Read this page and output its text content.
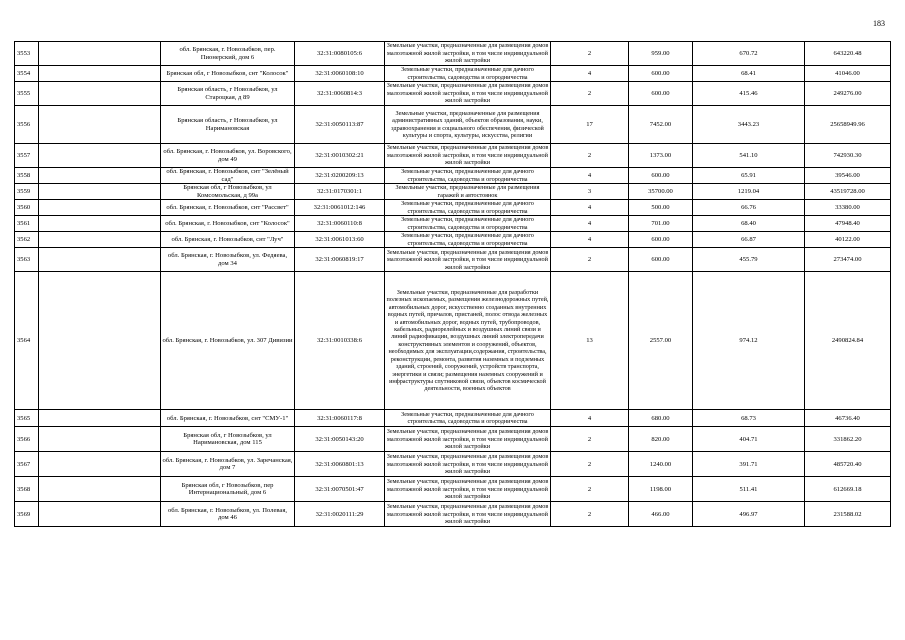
183
3553		обл. Брянская, г. Новозыбков, пер. Пионерский, дом 6	32:31:0080105:6	Земельные участки, предназначенные для размещения домов малоэтажной жилой застройки, в том числе индивидуальной жилой застройки	2	959.00	670.72	643220.48
3554		Брянская обл, г Новозыбков, снт "Колосок"	32:31:0060108:10	Земельные участки, предназначенные для дачного строительства, садоводства и огородничества	4	600.00	68.41	41046.00
3555		Брянская область, г Новозыбков, ул Староцкая, д 89	32:31:0060814:3	Земельные участки, предназначенные для размещения домов малоэтажной жилой застройки, в том числе индивидуальной жилой застройки	2	600.00	415.46	249276.00
3556		Брянская область, г Новозыбков, ул Наримановская	32:31:0050113:87	Земельные участки, предназначенные для размещения административных зданий, объектов образования, науки, здравоохранения и социального обеспечения, физической культуры и спорта, культуры, искусства, религии	17	7452.00	3443.23	25658949.96
3557		обл. Брянская, г. Новозыбков, ул. Воровского, дом 49	32:31:0010302:21	Земельные участки, предназначенные для размещения домов малоэтажной жилой застройки, в том числе индивидуальной жилой застройки	2	1373.00	541.10	742930.30
3558		обл. Брянская, г. Новозыбков, снт "Зелёный сад"	32:31:0200209:13	Земельные участки, предназначенные для дачного строительства, садоводства и огородничества	4	600.00	65.91	39546.00
3559		Брянская обл, г Новозыбков, ул Комсомольская, д 99а	32:31:0170301:1	Земельные участки, предназначенные для размещения гаражей и автостоянок	3	35700.00	1219.04	43519728.00
3560		обл. Брянская, г. Новозыбков, снт "Рассвет"	32:31:0061012:146	Земельные участки, предназначенные для дачного строительства, садоводства и огородничества	4	500.00	66.76	33380.00
3561		обл. Брянская, г. Новозыбков, снт "Колосок"	32:31:0060110:8	Земельные участки, предназначенные для дачного строительства, садоводства и огородничества	4	701.00	68.40	47948.40
3562		обл. Брянская, г. Новозыбков, снт "Луч"	32:31:0061013:60	Земельные участки, предназначенные для дачного строительства, садоводства и огородничества	4	600.00	66.87	40122.00
3563		обл. Брянская, г. Новозыбков, ул. Федяева, дом 34	32:31:0060819:17	Земельные участки, предназначенные для размещения домов малоэтажной жилой застройки, в том числе индивидуальной жилой застройки	2	600.00	455.79	273474.00
3564		обл. Брянская, г. Новозыбков, ул. 307 Дивизии	32:31:0010338:6	Земельные участки, предназначенные для разработки полезных ископаемых, размещения железнодорожных путей, автомобильных дорог, искусственно созданных внутренних водных путей, причалов, пристаней, полос отвода железных и автомобильных дорог, водных путей, трубопроводов, кабельных, радиорелейных и воздушных линий связи и линий радиофикации, воздушных линий электропередачи конструктивных элементов и сооружений, объектов, необходимых для эксплуатации,содержания, строительства, реконструкции, ремонта, развития наземных и подземных зданий, строений, сооружений, устройств транспорта, энергетики и связи; размещения наземных сооружений и инфраструктуры спутниковой связи, объектов космической деятельности, военных объектов	13	2557.00	974.12	2490824.84
3565		обл. Брянская, г. Новозыбков, снт "СМУ-1"	32:31:0060117:8	Земельные участки, предназначенные для дачного строительства, садоводства и огородничества	4	680.00	68.73	46736.40
3566		Брянская обл, г Новозыбков, ул Наримановская, дом 115	32:31:0050143:20	Земельные участки, предназначенные для размещения домов малоэтажной жилой застройки, в том числе индивидуальной жилой застройки	2	820.00	404.71	331862.20
3567		обл. Брянская, г. Новозыбков, ул. Заречанская, дом 7	32:31:0060801:13	Земельные участки, предназначенные для размещения домов малоэтажной жилой застройки, в том числе индивидуальной жилой застройки	2	1240.00	391.71	485720.40
3568		Брянская обл, г Новозыбков, пер Интернациональный, дом 6	32:31:0070501:47	Земельные участки, предназначенные для размещения домов малоэтажной жилой застройки, в том числе индивидуальной жилой застройки	2	1198.00	511.41	612669.18
3569		обл. Брянская, г. Новозыбков, ул. Полевая, дом 46	32:31:0020111:29	Земельные участки, предназначенные для размещения домов малоэтажной жилой застройки, в том числе индивидуальной жилой застройки	2	466.00	496.97	231588.02
